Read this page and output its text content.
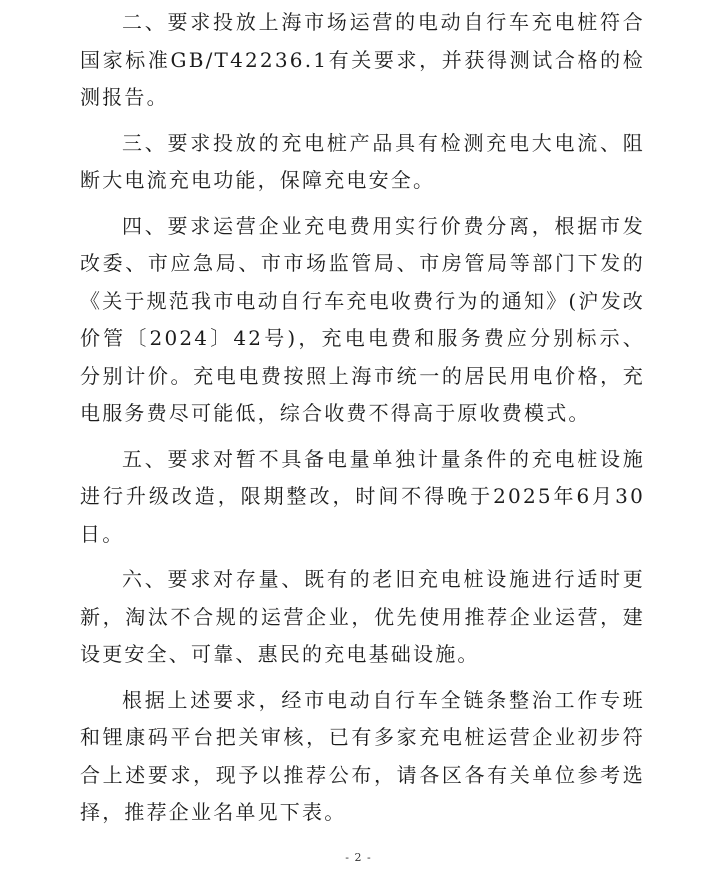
二、要求投放上海市场运营的电动自行车充电桩符合国家标准GB/T42236.1有关要求，并获得测试合格的检测报告。

三、要求投放的充电桩产品具有检测充电大电流、阻断大电流充电功能，保障充电安全。

四、要求运营企业充电费用实行价费分离，根据市发改委、市应急局、市市场监管局、市房管局等部门下发的《关于规范我市电动自行车充电收费行为的通知》(沪发改价管〔2024〕42号)，充电电费和服务费应分别标示、分别计价。充电电费按照上海市统一的居民用电价格，充电服务费尽可能低，综合收费不得高于原收费模式。

五、要求对暂不具备电量单独计量条件的充电桩设施进行升级改造，限期整改，时间不得晚于2025年6月30日。

六、要求对存量、既有的老旧充电桩设施进行适时更新，淘汰不合规的运营企业，优先使用推荐企业运营，建设更安全、可靠、惠民的充电基础设施。

根据上述要求，经市电动自行车全链条整治工作专班和锂康码平台把关审核，已有多家充电桩运营企业初步符合上述要求，现予以推荐公布，请各区各有关单位参考选择，推荐企业名单见下表。

- 2 -
